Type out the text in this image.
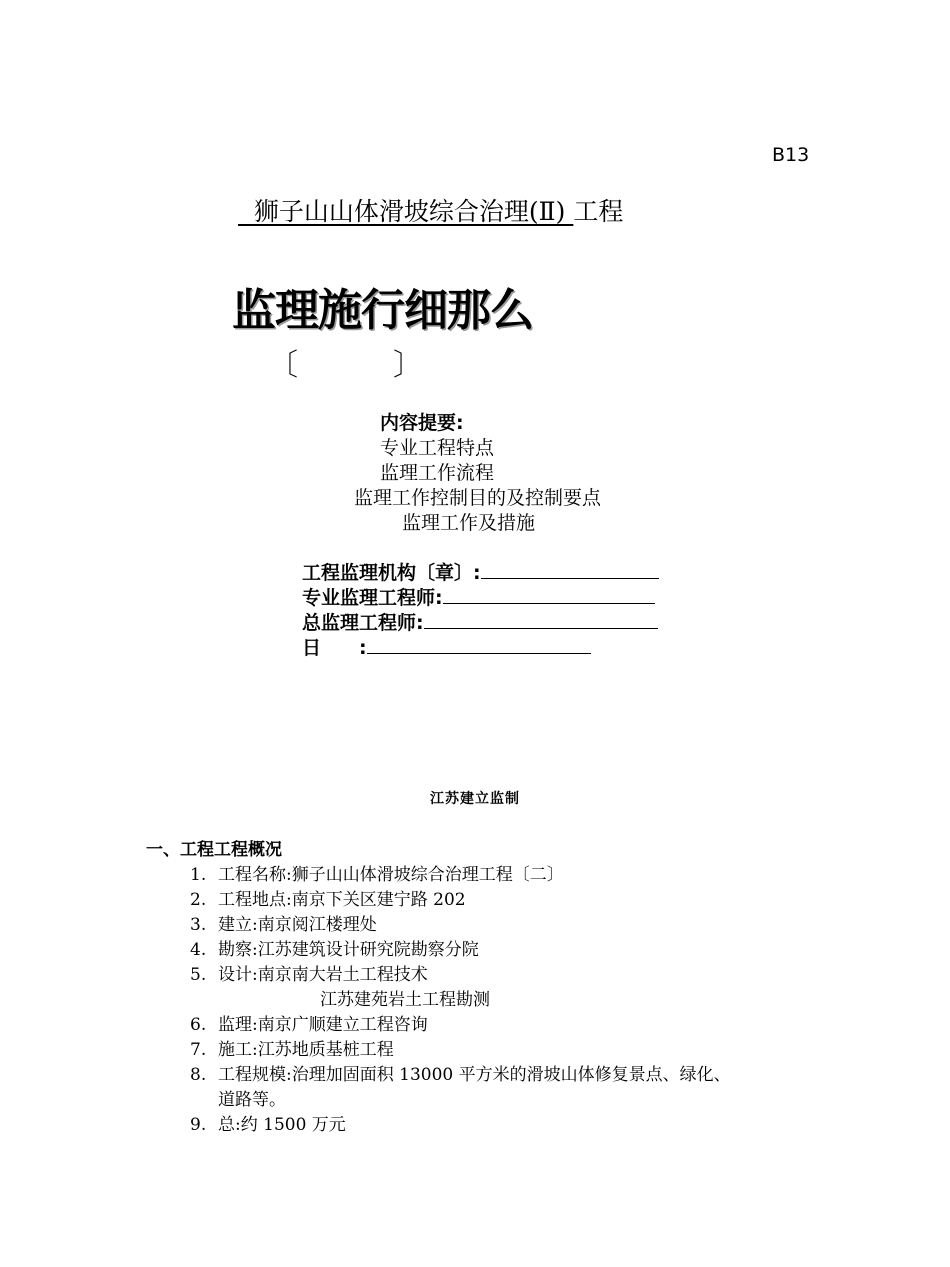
B13
狮子山山体滑坡综合治理(Ⅱ) 工程
监理施行细那么
〔	〕
内容提要:
专业工程特点
监理工作流程
监理工作控制目的及控制要点
监理工作及措施
工程监理机构〔章〕:
专业监理工程师:
总监理工程师:
日　　:
江苏建立监制
一、工程工程概况
1. 工程名称:狮子山山体滑坡综合治理工程〔二〕
2. 工程地点:南京下关区建宁路 202
3. 建立:南京阅江楼理处
4. 勘察:江苏建筑设计研究院勘察分院
5. 设计:南京南大岩土工程技术
江苏建苑岩土工程勘测
6. 监理:南京广顺建立工程咨询
7. 施工:江苏地质基桩工程
8. 工程规模:治理加固面积 13000 平方米的滑坡山体修复景点、绿化、
道路等。
9. 总:约 1500 万元
